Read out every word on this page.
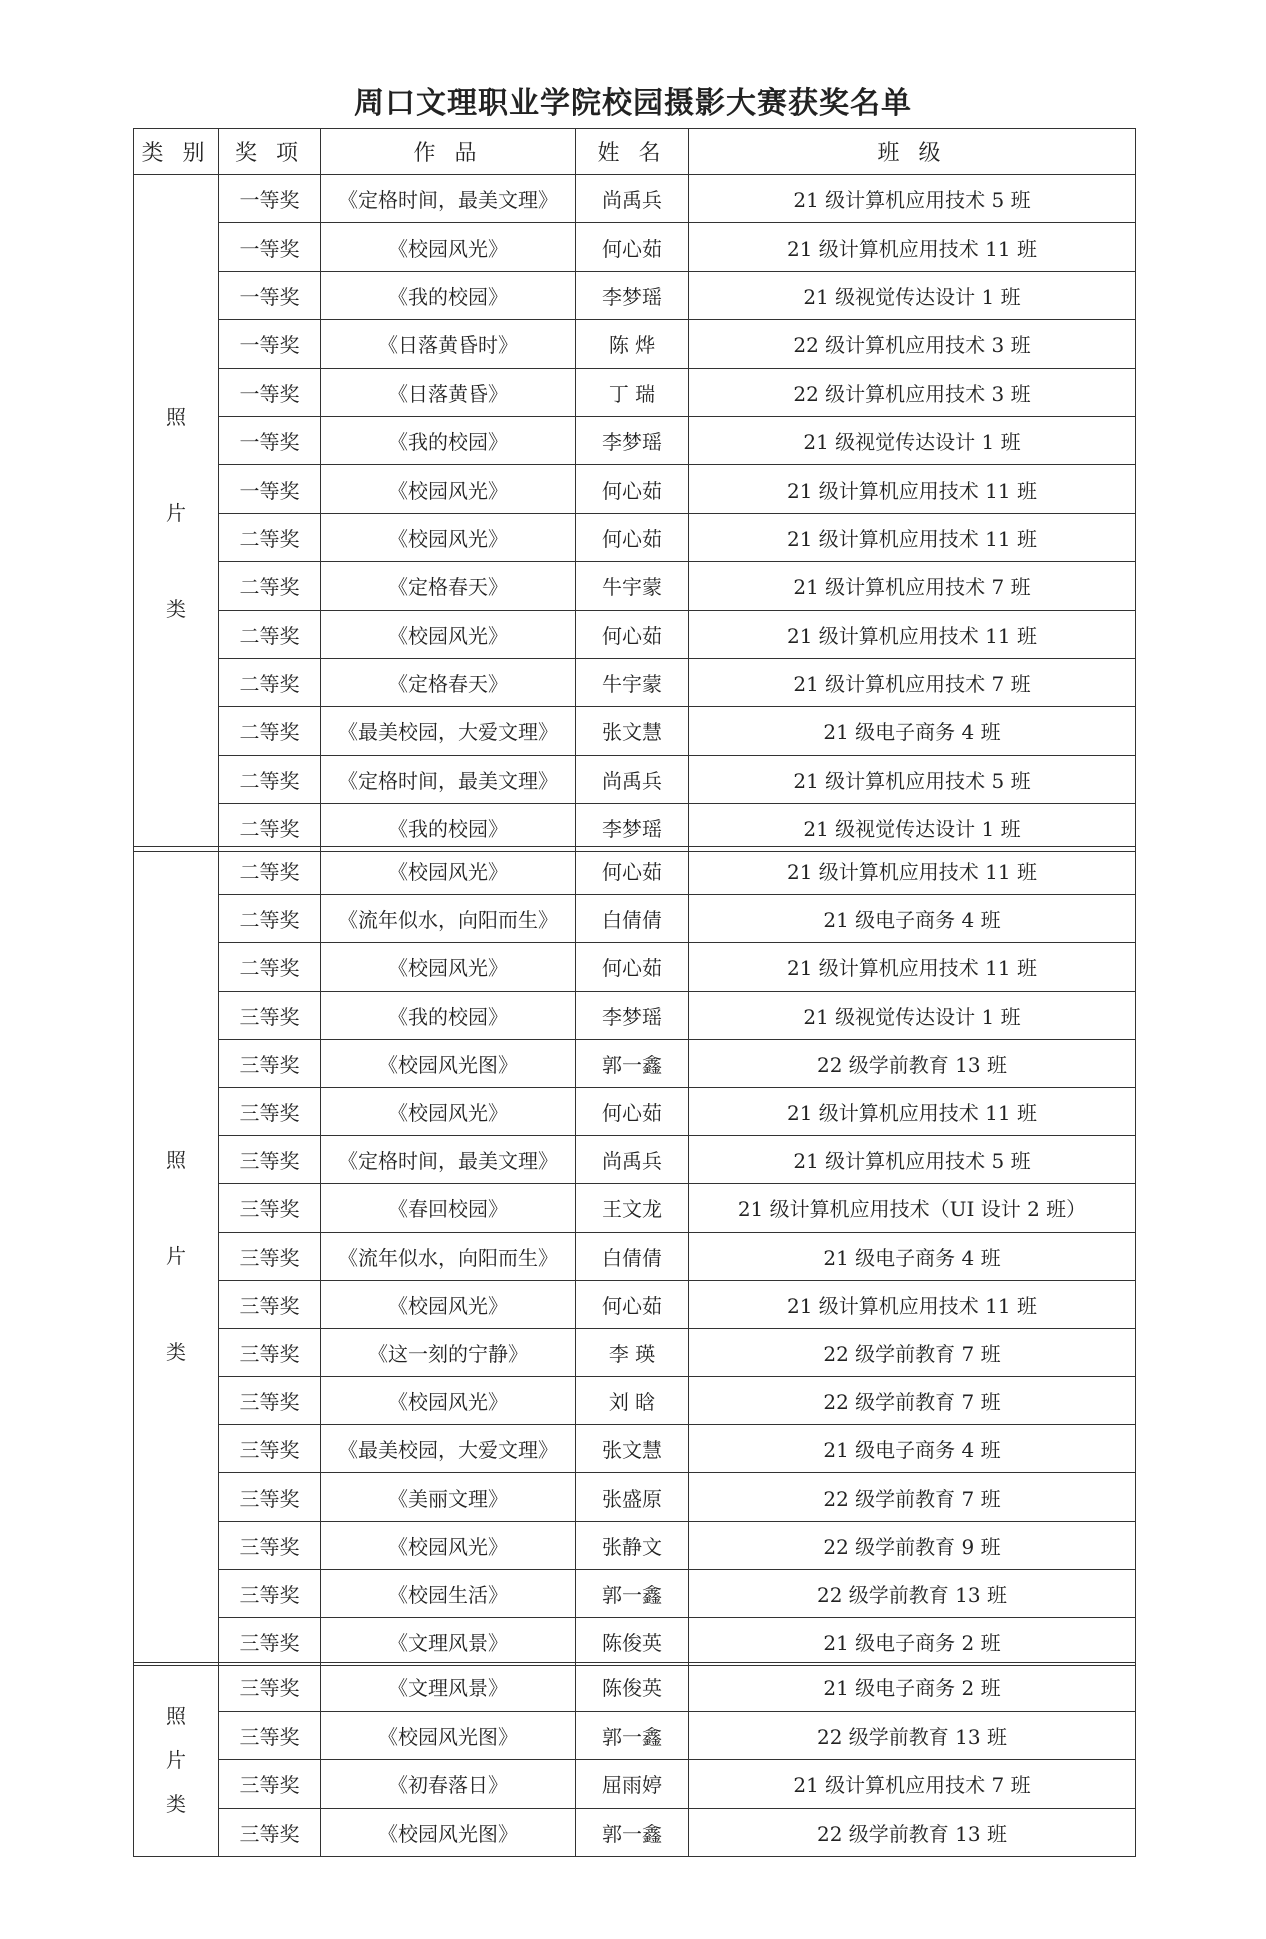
周口文理职业学院校园摄影大赛获奖名单
类 别	奖 项	作 品	姓 名	班 级

照
片
类	一等奖	《定格时间，最美文理》	尚禹兵	21 级计算机应用技术 5 班
	一等奖	《校园风光》	何心茹	21 级计算机应用技术 11 班
	一等奖	《我的校园》	李梦瑶	21 级视觉传达设计 1 班
	一等奖	《日落黄昏时》	陈 烨	22 级计算机应用技术 3 班
	一等奖	《日落黄昏》	丁 瑞	22 级计算机应用技术 3 班
	一等奖	《我的校园》	李梦瑶	21 级视觉传达设计 1 班
	一等奖	《校园风光》	何心茹	21 级计算机应用技术 11 班
	二等奖	《校园风光》	何心茹	21 级计算机应用技术 11 班
	二等奖	《定格春天》	牛宇蒙	21 级计算机应用技术 7 班
	二等奖	《校园风光》	何心茹	21 级计算机应用技术 11 班
	二等奖	《定格春天》	牛宇蒙	21 级计算机应用技术 7 班
	二等奖	《最美校园，大爱文理》	张文慧	21 级电子商务 4 班
	二等奖	《定格时间，最美文理》	尚禹兵	21 级计算机应用技术 5 班
	二等奖	《我的校园》	李梦瑶	21 级视觉传达设计 1 班
照
片
类	二等奖	《校园风光》	何心茹	21 级计算机应用技术 11 班
	二等奖	《流年似水，向阳而生》	白倩倩	21 级电子商务 4 班
	二等奖	《校园风光》	何心茹	21 级计算机应用技术 11 班
	三等奖	《我的校园》	李梦瑶	21 级视觉传达设计 1 班
	三等奖	《校园风光图》	郭一鑫	22 级学前教育 13 班
	三等奖	《校园风光》	何心茹	21 级计算机应用技术 11 班
	三等奖	《定格时间，最美文理》	尚禹兵	21 级计算机应用技术 5 班
	三等奖	《春回校园》	王文龙	21 级计算机应用技术（UI 设计 2 班）
	三等奖	《流年似水，向阳而生》	白倩倩	21 级电子商务 4 班
	三等奖	《校园风光》	何心茹	21 级计算机应用技术 11 班
	三等奖	《这一刻的宁静》	李 瑛	22 级学前教育 7 班
	三等奖	《校园风光》	刘 晗	22 级学前教育 7 班
	三等奖	《最美校园，大爱文理》	张文慧	21 级电子商务 4 班
	三等奖	《美丽文理》	张盛原	22 级学前教育 7 班
	三等奖	《校园风光》	张静文	22 级学前教育 9 班
	三等奖	《校园生活》	郭一鑫	22 级学前教育 13 班
	三等奖	《文理风景》	陈俊英	21 级电子商务 2 班
照
片
类	三等奖	《文理风景》	陈俊英	21 级电子商务 2 班
	三等奖	《校园风光图》	郭一鑫	22 级学前教育 13 班
	三等奖	《初春落日》	屈雨婷	21 级计算机应用技术 7 班
	三等奖	《校园风光图》	郭一鑫	22 级学前教育 13 班
